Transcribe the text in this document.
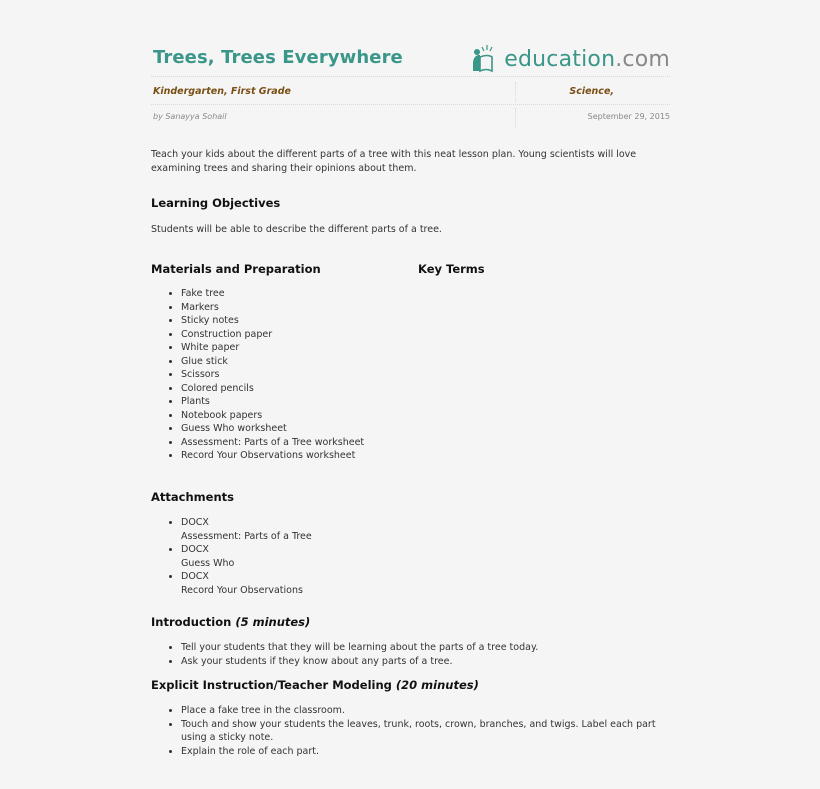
Trees, Trees Everywhere	education.com
Kindergarten, First Grade	Science,
by Sanayya Sohail	September 29, 2015

Teach your kids about the different parts of a tree with this neat lesson plan. Young scientists will love examining trees and sharing their opinions about them.

Learning Objectives

Students will be able to describe the different parts of a tree.

Materials and Preparation	Key Terms
• Fake tree
• Markers
• Sticky notes
• Construction paper
• White paper
• Glue stick
• Scissors
• Colored pencils
• Plants
• Notebook papers
• Guess Who worksheet
• Assessment: Parts of a Tree worksheet
• Record Your Observations worksheet
Attachments
• DOCX
Assessment: Parts of a Tree
• DOCX
Guess Who
• DOCX
Record Your Observations
Introduction (5 minutes)
• Tell your students that they will be learning about the parts of a tree today.
• Ask your students if they know about any parts of a tree.
Explicit Instruction/Teacher Modeling (20 minutes)
• Place a fake tree in the classroom.
• Touch and show your students the leaves, trunk, roots, crown, branches, and twigs. Label each part using a sticky note.
• Explain the role of each part.
